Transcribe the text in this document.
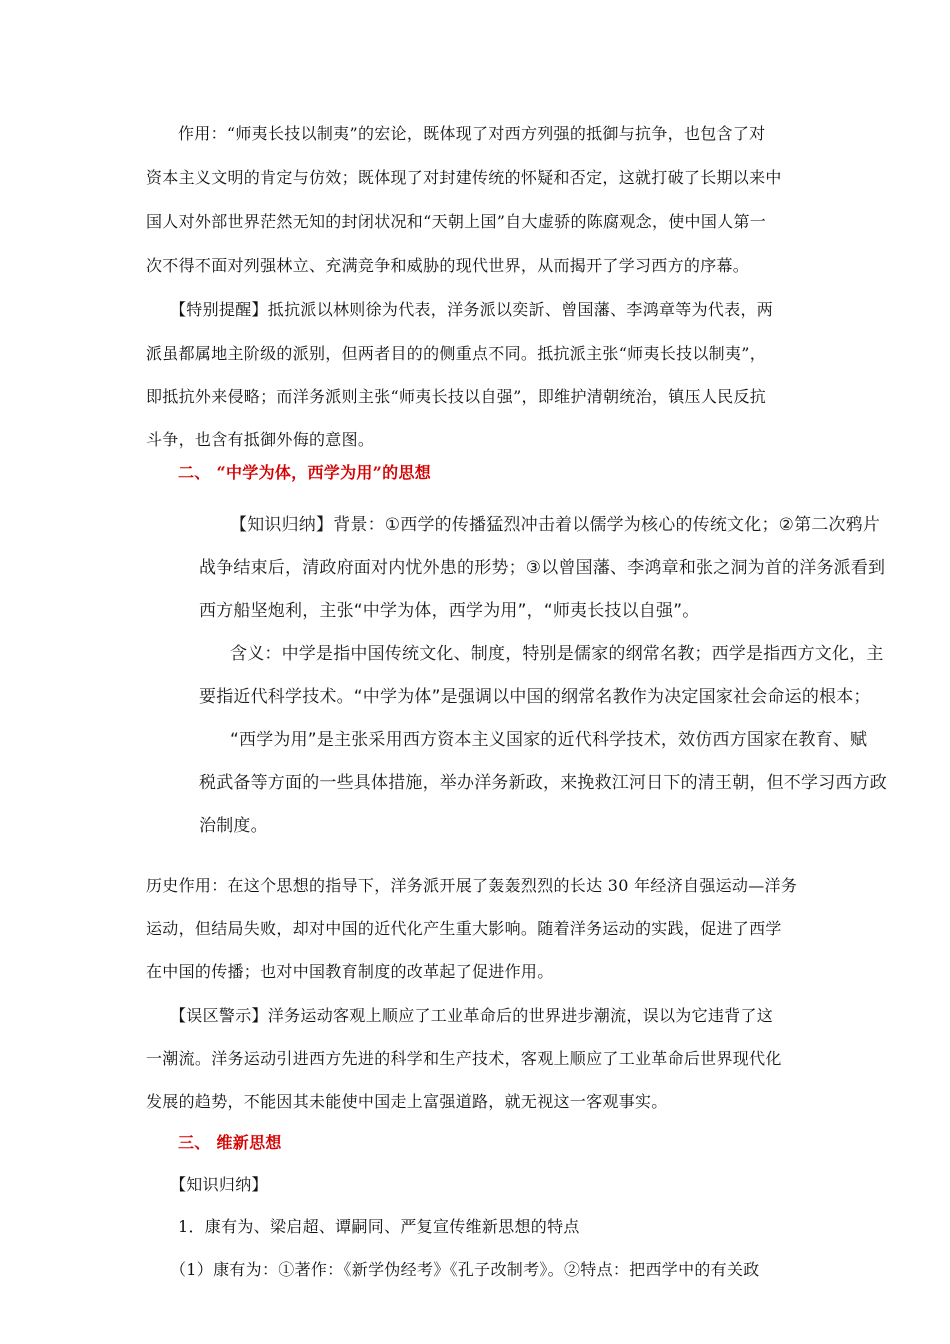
作用：“师夷长技以制夷”的宏论，既体现了对西方列强的抵御与抗争，也包含了对
资本主义文明的肯定与仿效；既体现了对封建传统的怀疑和否定，这就打破了长期以来中
国人对外部世界茫然无知的封闭状况和“天朝上国”自大虚骄的陈腐观念，使中国人第一
次不得不面对列强林立、充满竞争和威胁的现代世界，从而揭开了学习西方的序幕。
【特别提醒】抵抗派以林则徐为代表，洋务派以奕訢、曾国藩、李鸿章等为代表，两
派虽都属地主阶级的派别，但两者目的的侧重点不同。抵抗派主张“师夷长技以制夷”，
即抵抗外来侵略；而洋务派则主张“师夷长技以自强”，即维护清朝统治，镇压人民反抗
斗争，也含有抵御外侮的意图。
二、 “中学为体，西学为用”的思想
【知识归纳】背景：①西学的传播猛烈冲击着以儒学为核心的传统文化；②第二次鸦片
战争结束后，清政府面对内忧外患的形势；③以曾国藩、李鸿章和张之洞为首的洋务派看到
西方船坚炮利，主张“中学为体，西学为用”，“师夷长技以自强”。
含义：中学是指中国传统文化、制度，特别是儒家的纲常名教；西学是指西方文化，主
要指近代科学技术。“中学为体”是强调以中国的纲常名教作为决定国家社会命运的根本；
“西学为用”是主张采用西方资本主义国家的近代科学技术，效仿西方国家在教育、赋
税武备等方面的一些具体措施，举办洋务新政，来挽救江河日下的清王朝，但不学习西方政
治制度。
历史作用：在这个思想的指导下，洋务派开展了轰轰烈烈的长达 30 年经济自强运动—洋务
运动，但结局失败，却对中国的近代化产生重大影响。随着洋务运动的实践，促进了西学
在中国的传播；也对中国教育制度的改革起了促进作用。
【误区警示】洋务运动客观上顺应了工业革命后的世界进步潮流，误以为它违背了这
一潮流。洋务运动引进西方先进的科学和生产技术，客观上顺应了工业革命后世界现代化
发展的趋势，不能因其未能使中国走上富强道路，就无视这一客观事实。
三、 维新思想
【知识归纳】
1．康有为、梁启超、谭嗣同、严复宣传维新思想的特点
（1）康有为：①著作：《新学伪经考》《孔子改制考》。②特点：把西学中的有关政
